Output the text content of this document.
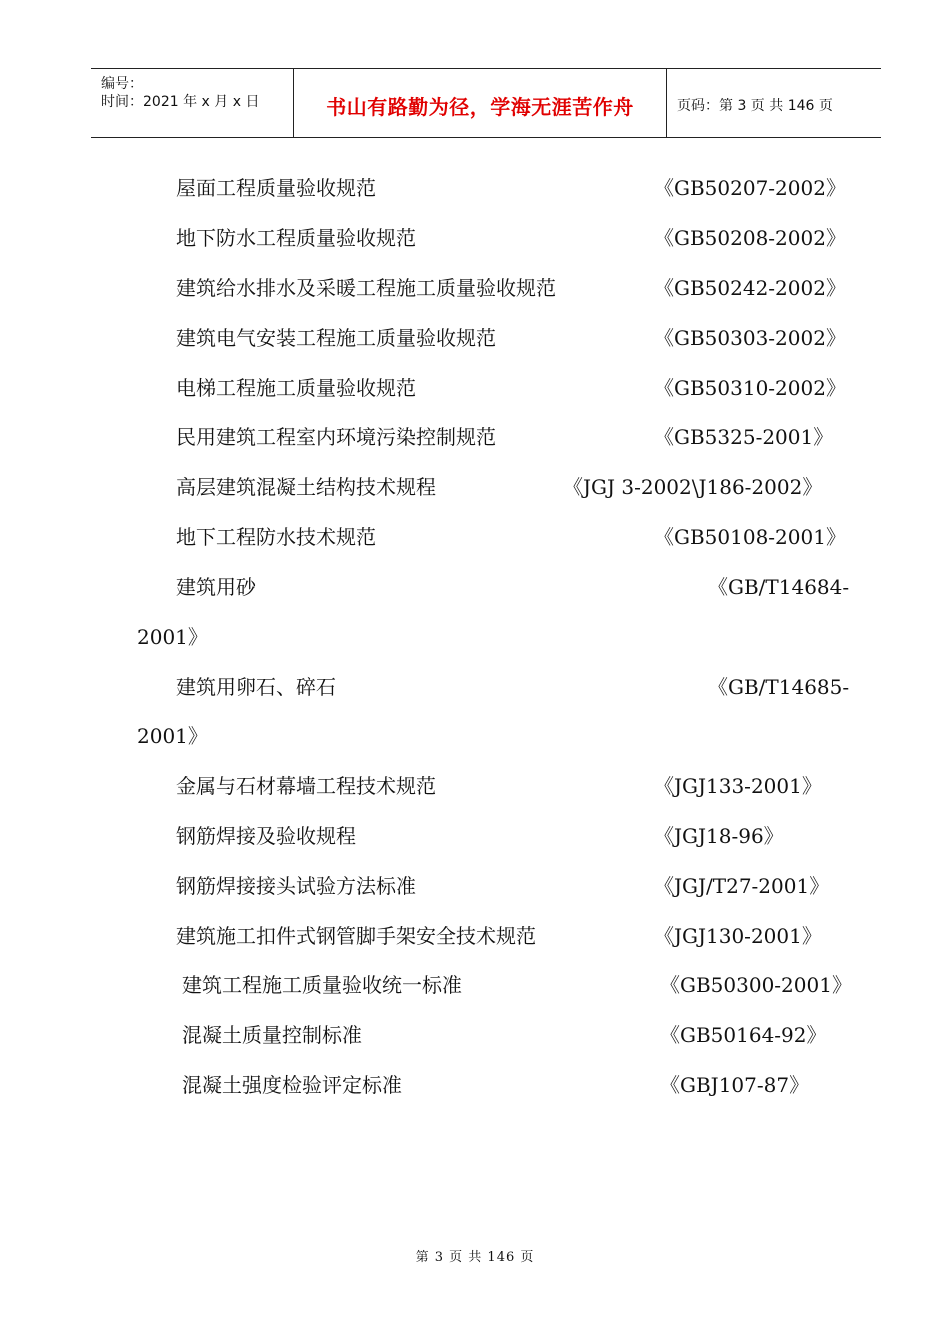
编号：
时间：2021 年 x 月 x 日	书山有路勤为径，学海无涯苦作舟	页码：第 3 页 共 146 页
屋面工程质量验收规范	《GB50207-2002》
地下防水工程质量验收规范	《GB50208-2002》
建筑给水排水及采暖工程施工质量验收规范	《GB50242-2002》
建筑电气安装工程施工质量验收规范	《GB50303-2002》
电梯工程施工质量验收规范	《GB50310-2002》
民用建筑工程室内环境污染控制规范	《GB5325-2001》
高层建筑混凝土结构技术规程	《JGJ 3-2002\J186-2002》
地下工程防水技术规范	《GB50108-2001》
建筑用砂	《GB/T14684-
2001》
建筑用卵石、碎石	《GB/T14685-
2001》
金属与石材幕墙工程技术规范	《JGJ133-2001》
钢筋焊接及验收规程	《JGJ18-96》
钢筋焊接接头试验方法标准	《JGJ/T27-2001》
建筑施工扣件式钢管脚手架安全技术规范	《JGJ130-2001》
建筑工程施工质量验收统一标准	《GB50300-2001》
混凝土质量控制标准	《GB50164-92》
混凝土强度检验评定标准	《GBJ107-87》
第 3 页 共 146 页
